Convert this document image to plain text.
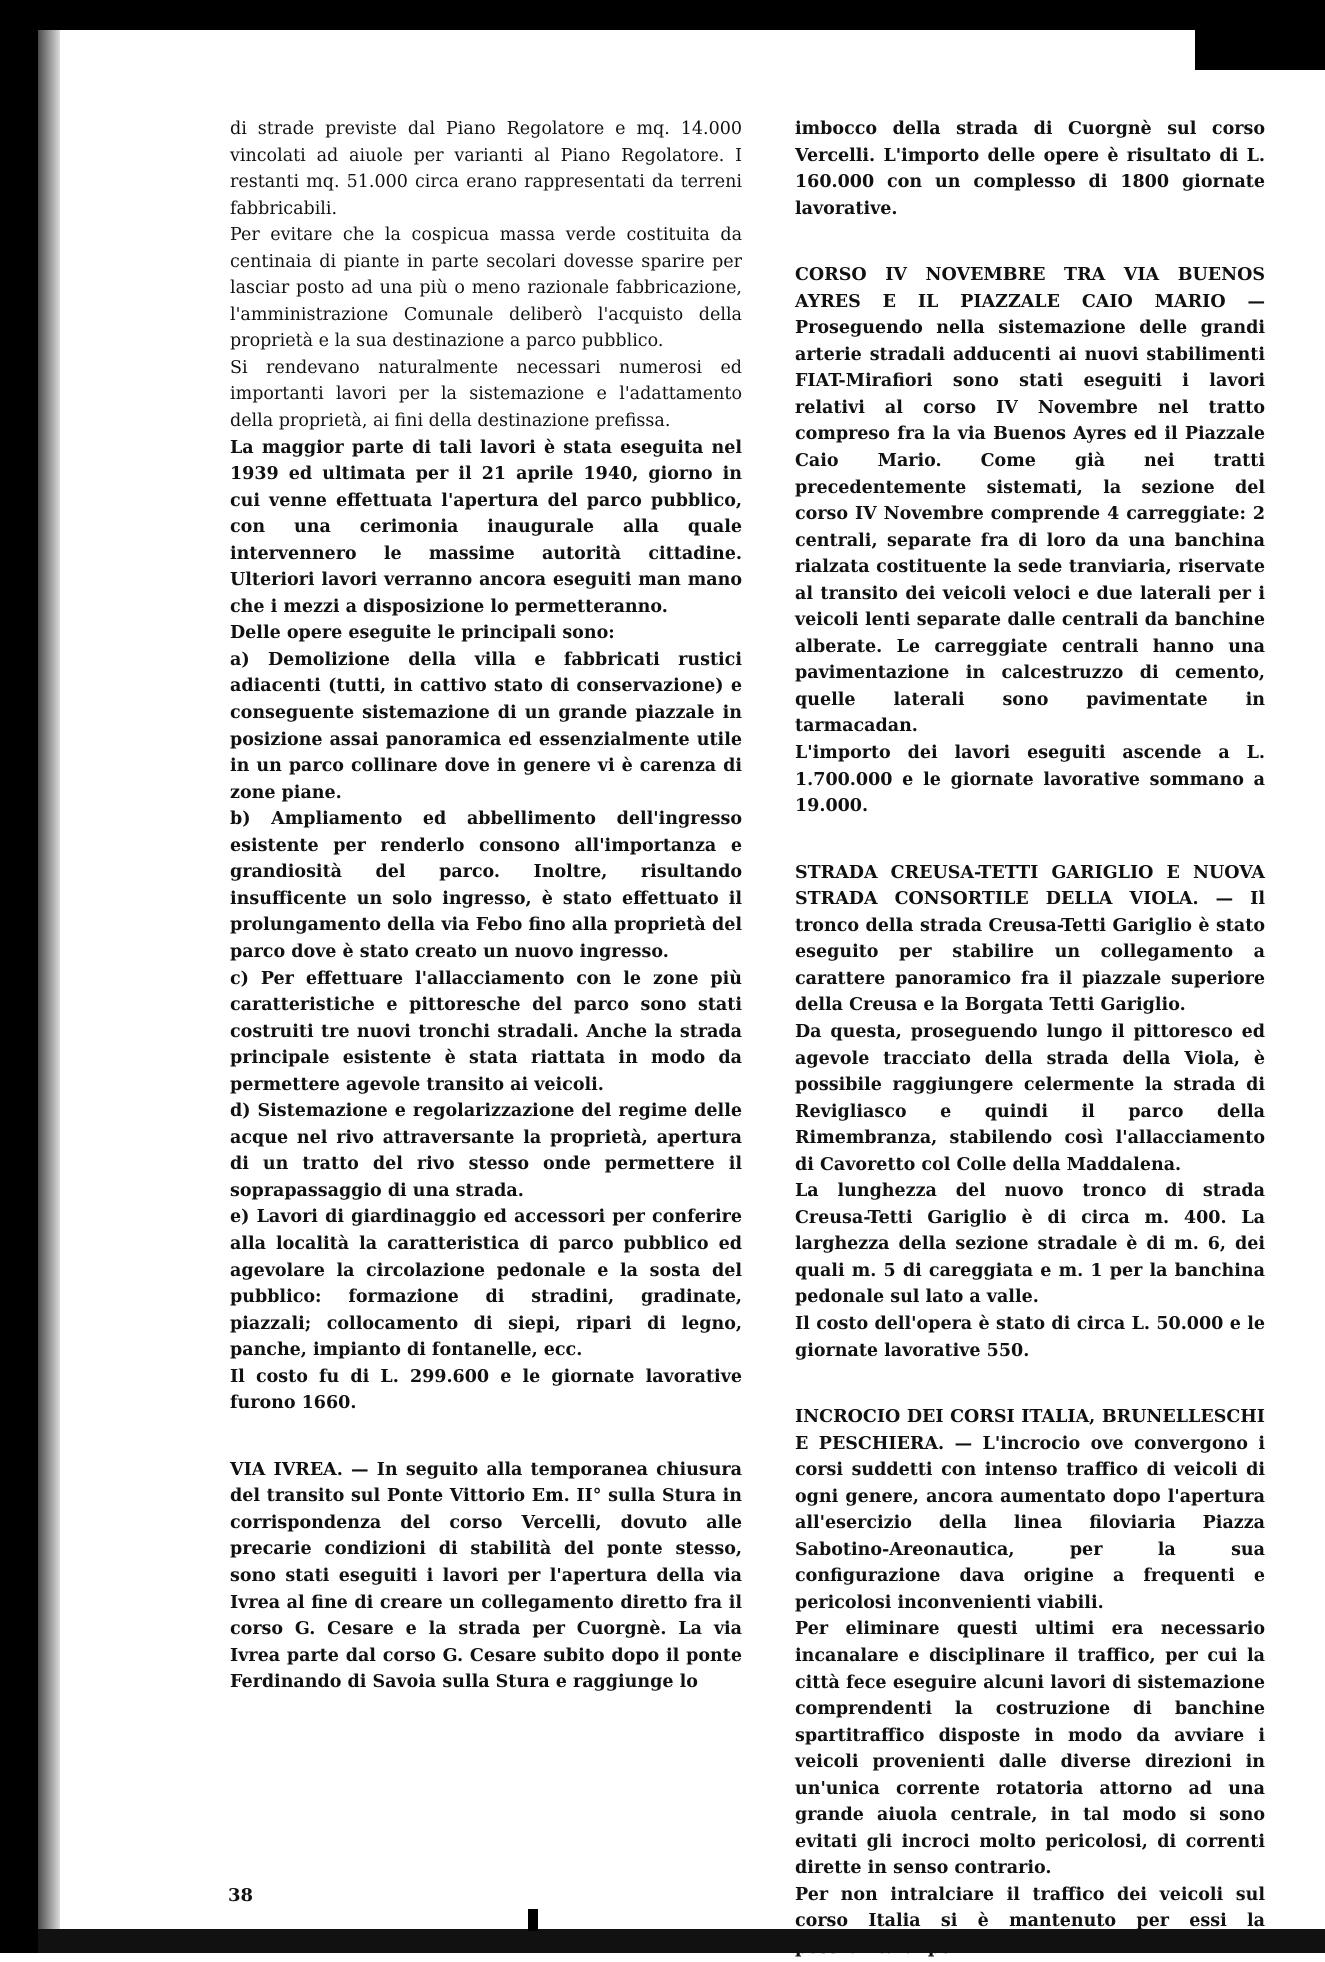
di strade previste dal Piano Regolatore e mq. 14.000 vincolati ad aiuole per varianti al Piano Regolatore. I restanti mq. 51.000 circa erano rappresentati da terreni fabbricabili.

Per evitare che la cospicua massa verde costituita da centinaia di piante in parte secolari dovesse sparire per lasciar posto ad una più o meno razionale fabbricazione, l'amministrazione Comunale deliberò l'acquisto della proprietà e la sua destinazione a parco pubblico.

Si rendevano naturalmente necessari numerosi ed importanti lavori per la sistemazione e l'adattamento della proprietà, ai fini della destinazione prefissa.

La maggior parte di tali lavori è stata eseguita nel 1939 ed ultimata per il 21 aprile 1940, giorno in cui venne effettuata l'apertura del parco pubblico, con una cerimonia inaugurale alla quale intervennero le massime autorità cittadine. Ulteriori lavori verranno ancora eseguiti man mano che i mezzi a disposizione lo permetteranno.

Delle opere eseguite le principali sono:

a) Demolizione della villa e fabbricati rustici adiacenti (tutti, in cattivo stato di conservazione) e conseguente sistemazione di un grande piazzale in posizione assai panoramica ed essenzialmente utile in un parco collinare dove in genere vi è carenza di zone piane.

b) Ampliamento ed abbellimento dell'ingresso esistente per renderlo consono all'importanza e grandiosità del parco. Inoltre, risultando insufficente un solo ingresso, è stato effettuato il prolungamento della via Febo fino alla proprietà del parco dove è stato creato un nuovo ingresso.

c) Per effettuare l'allacciamento con le zone più caratteristiche e pittoresche del parco sono stati costruiti tre nuovi tronchi stradali. Anche la strada principale esistente è stata riattata in modo da permettere agevole transito ai veicoli.

d) Sistemazione e regolarizzazione del regime delle acque nel rivo attraversante la proprietà, apertura di un tratto del rivo stesso onde permettere il soprapassaggio di una strada.

e) Lavori di giardinaggio ed accessori per conferire alla località la caratteristica di parco pubblico ed agevolare la circolazione pedonale e la sosta del pubblico: formazione di stradini, gradinate, piazzali; collocamento di siepi, ripari di legno, panche, impianto di fontanelle, ecc.

Il costo fu di L. 299.600 e le giornate lavorative furono 1660.

VIA IVREA. — In seguito alla temporanea chiusura del transito sul Ponte Vittorio Em. II° sulla Stura in corrispondenza del corso Vercelli, dovuto alle precarie condizioni di stabilità del ponte stesso, sono stati eseguiti i lavori per l'apertura della via Ivrea al fine di creare un collegamento diretto fra il corso G. Cesare e la strada per Cuorgnè. La via Ivrea parte dal corso G. Cesare subito dopo il ponte Ferdinando di Savoia sulla Stura e raggiunge lo

imbocco della strada di Cuorgnè sul corso Vercelli. L'importo delle opere è risultato di L. 160.000 con un complesso di 1800 giornate lavorative.

CORSO IV NOVEMBRE TRA VIA BUENOS AYRES E IL PIAZZALE CAIO MARIO — Proseguendo nella sistemazione delle grandi arterie stradali adducenti ai nuovi stabilimenti FIAT-Mirafiori sono stati eseguiti i lavori relativi al corso IV Novembre nel tratto compreso fra la via Buenos Ayres ed il Piazzale Caio Mario. Come già nei tratti precedentemente sistemati, la sezione del corso IV Novembre comprende 4 carreggiate: 2 centrali, separate fra di loro da una banchina rialzata costituente la sede tranviaria, riservate al transito dei veicoli veloci e due laterali per i veicoli lenti separate dalle centrali da banchine alberate. Le carreggiate centrali hanno una pavimentazione in calcestruzzo di cemento, quelle laterali sono pavimentate in tarmacadan.

L'importo dei lavori eseguiti ascende a L. 1.700.000 e le giornate lavorative sommano a 19.000.

STRADA CREUSA-TETTI GARIGLIO E NUOVA STRADA CONSORTILE DELLA VIOLA. — Il tronco della strada Creusa-Tetti Gariglio è stato eseguito per stabilire un collegamento a carattere panoramico fra il piazzale superiore della Creusa e la Borgata Tetti Gariglio.

Da questa, proseguendo lungo il pittoresco ed agevole tracciato della strada della Viola, è possibile raggiungere celermente la strada di Revigliasco e quindi il parco della Rimembranza, stabilendo così l'allacciamento di Cavoretto col Colle della Maddalena.

La lunghezza del nuovo tronco di strada Creusa-Tetti Gariglio è di circa m. 400. La larghezza della sezione stradale è di m. 6, dei quali m. 5 di careggiata e m. 1 per la banchina pedonale sul lato a valle.

Il costo dell'opera è stato di circa L. 50.000 e le giornate lavorative 550.

INCROCIO DEI CORSI ITALIA, BRUNELLESCHI E PESCHIERA. — L'incrocio ove convergono i corsi suddetti con intenso traffico di veicoli di ogni genere, ancora aumentato dopo l'apertura all'esercizio della linea filoviaria Piazza Sabotino-Areonautica, per la sua configurazione dava origine a frequenti e pericolosi inconvenienti viabili.

Per eliminare questi ultimi era necessario incanalare e disciplinare il traffico, per cui la città fece eseguire alcuni lavori di sistemazione comprendenti la costruzione di banchine spartitraffico disposte in modo da avviare i veicoli provenienti dalle diverse direzioni in un'unica corrente rotatoria attorno ad una grande aiuola centrale, in tal modo si sono evitati gli incroci molto pericolosi, di correnti dirette in senso contrario.

Per non intralciare il traffico dei veicoli sul corso Italia si è mantenuto per essi la possibilità di per-

38
